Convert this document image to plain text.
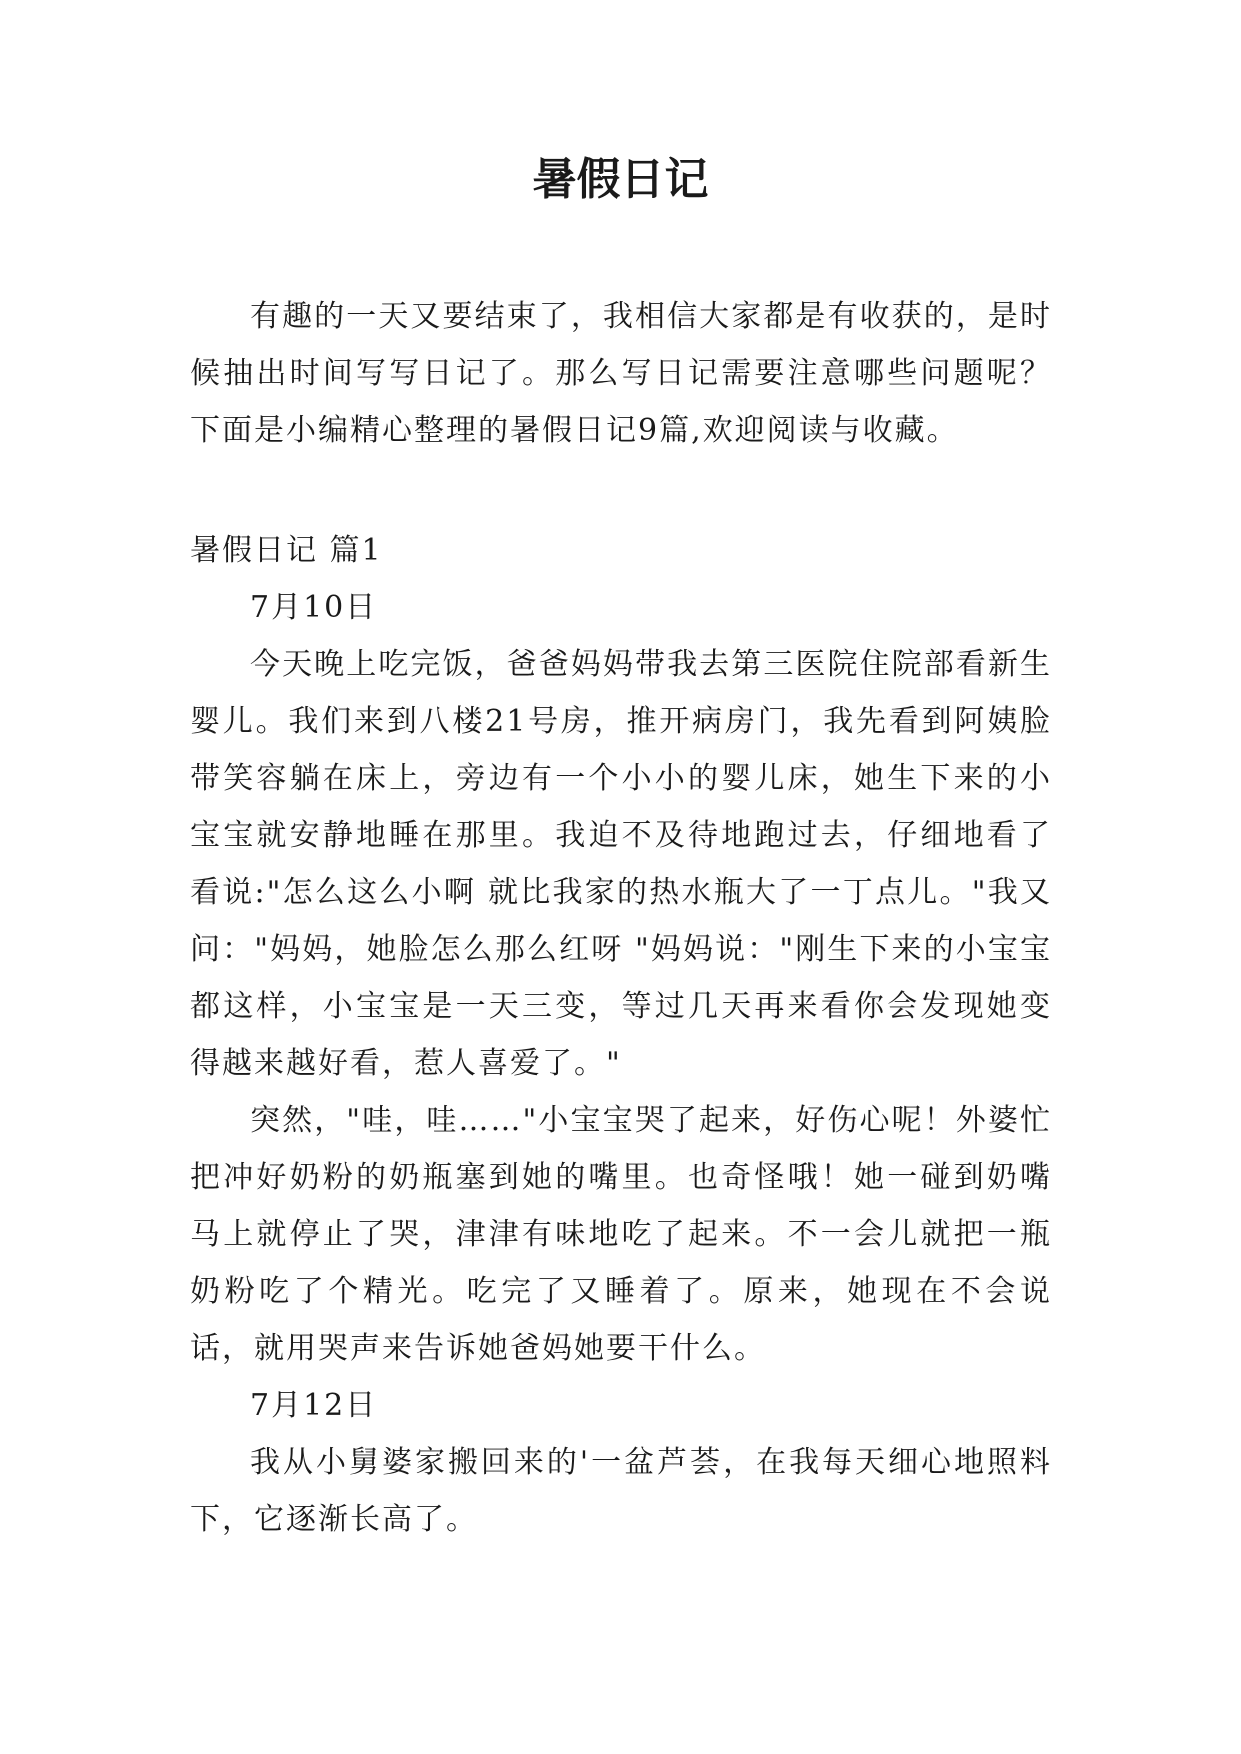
暑假日记

有趣的一天又要结束了，我相信大家都是有收获的，是时候抽出时间写写日记了。那么写日记需要注意哪些问题呢？下面是小编精心整理的暑假日记9篇,欢迎阅读与收藏。

暑假日记 篇1

7月10日

今天晚上吃完饭，爸爸妈妈带我去第三医院住院部看新生婴儿。我们来到八楼21号房，推开病房门，我先看到阿姨脸带笑容躺在床上，旁边有一个小小的婴儿床，她生下来的小宝宝就安静地睡在那里。我迫不及待地跑过去，仔细地看了看说:"怎么这么小啊 就比我家的热水瓶大了一丁点儿。"我又问："妈妈，她脸怎么那么红呀 "妈妈说："刚生下来的小宝宝都这样，小宝宝是一天三变，等过几天再来看你会发现她变得越来越好看，惹人喜爱了。"

突然，"哇，哇……"小宝宝哭了起来，好伤心呢！外婆忙把冲好奶粉的奶瓶塞到她的嘴里。也奇怪哦！她一碰到奶嘴马上就停止了哭，津津有味地吃了起来。不一会儿就把一瓶奶粉吃了个精光。吃完了又睡着了。原来，她现在不会说话，就用哭声来告诉她爸妈她要干什么。

7月12日

我从小舅婆家搬回来的'一盆芦荟，在我每天细心地照料下，它逐渐长高了。
